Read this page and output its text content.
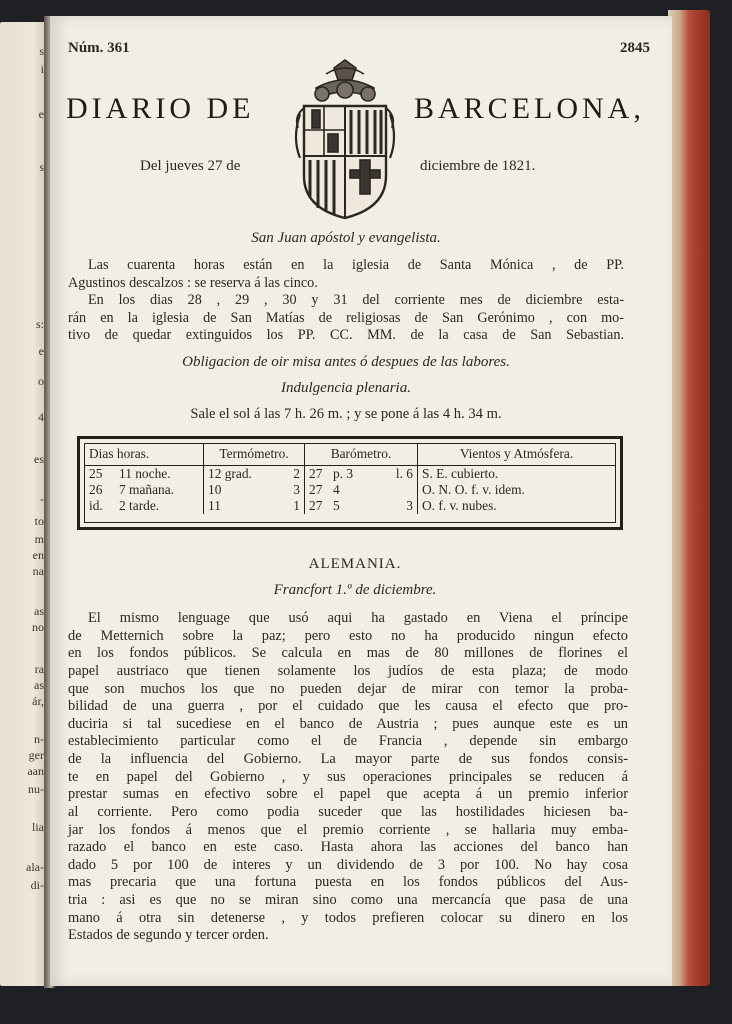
s
i
e
s
s:
e
o
4
es
-
to
m
en
na
as
no
ra
as
ár,
n-
ger
aan
nu-
lia
ala-
di-
Núm. 361	2845
DIARIO DE	BARCELONA,
Del jueves 27 de	diciembre de 1821.
San Juan apóstol y evangelista.

Las cuarenta horas están en la iglesia de Santa Mónica , de PP.

Agustinos descalzos : se reserva á las cinco.

En los dias 28 , 29 , 30 y 31 del corriente mes de diciembre esta-

rán en la iglesia de San Matías de religiosas de San Gerónimo , con mo-

tivo de quedar extinguidos los PP. CC. MM. de la casa de San Sebastian.

Obligacion de oir misa antes ó despues de las labores.
Indulgencia plenaria.
Sale el sol á las 7 h. 26 m. ; y se pone á las 4 h. 34 m.
Dias horas.	Termómetro.	Barómetro.	Vientos y Atmósfera.
25 11 noche.	12 grad. 2	27 p. 3 l. 6	S. E. cubierto.
26 7 mañana.	10 3	27 4	O. N. O. f. v. idem.
id. 2 tarde.	11 1	27 5 3	O. f. v. nubes.
ALEMANIA.
Francfort 1.º de diciembre.
El mismo lenguage que usó aqui ha gastado en Viena el príncipe
de Metternich sobre la paz; pero esto no ha producido ningun efecto
en los fondos públicos. Se calcula en mas de 80 millones de florines el
papel austriaco que tienen solamente los judíos de esta plaza; de modo
que son muchos los que no pueden dejar de mirar con temor la proba-
bilidad de una guerra , por el cuidado que les causa el efecto que pro-
duciria si tal sucediese en el banco de Austria ; pues aunque este es un
establecimiento particular como el de Francia , depende sin embargo
de la influencia del Gobierno. La mayor parte de sus fondos consis-
te en papel del Gobierno , y sus operaciones principales se reducen á
prestar sumas en efectivo sobre el papel que acepta á un premio inferior
al corriente. Pero como podia suceder que las hostilidades hiciesen ba-
jar los fondos á menos que el premio corriente , se hallaria muy emba-
razado el banco en este caso. Hasta ahora las acciones del banco han
dado 5 por 100 de interes y un dividendo de 3 por 100. No hay cosa
mas precaria que una fortuna puesta en los fondos públicos del Aus-
tria : asi es que no se miran sino como una mercancía que pasa de una
mano á otra sin detenerse , y todos prefieren colocar su dinero en los
Estados de segundo y tercer orden.
